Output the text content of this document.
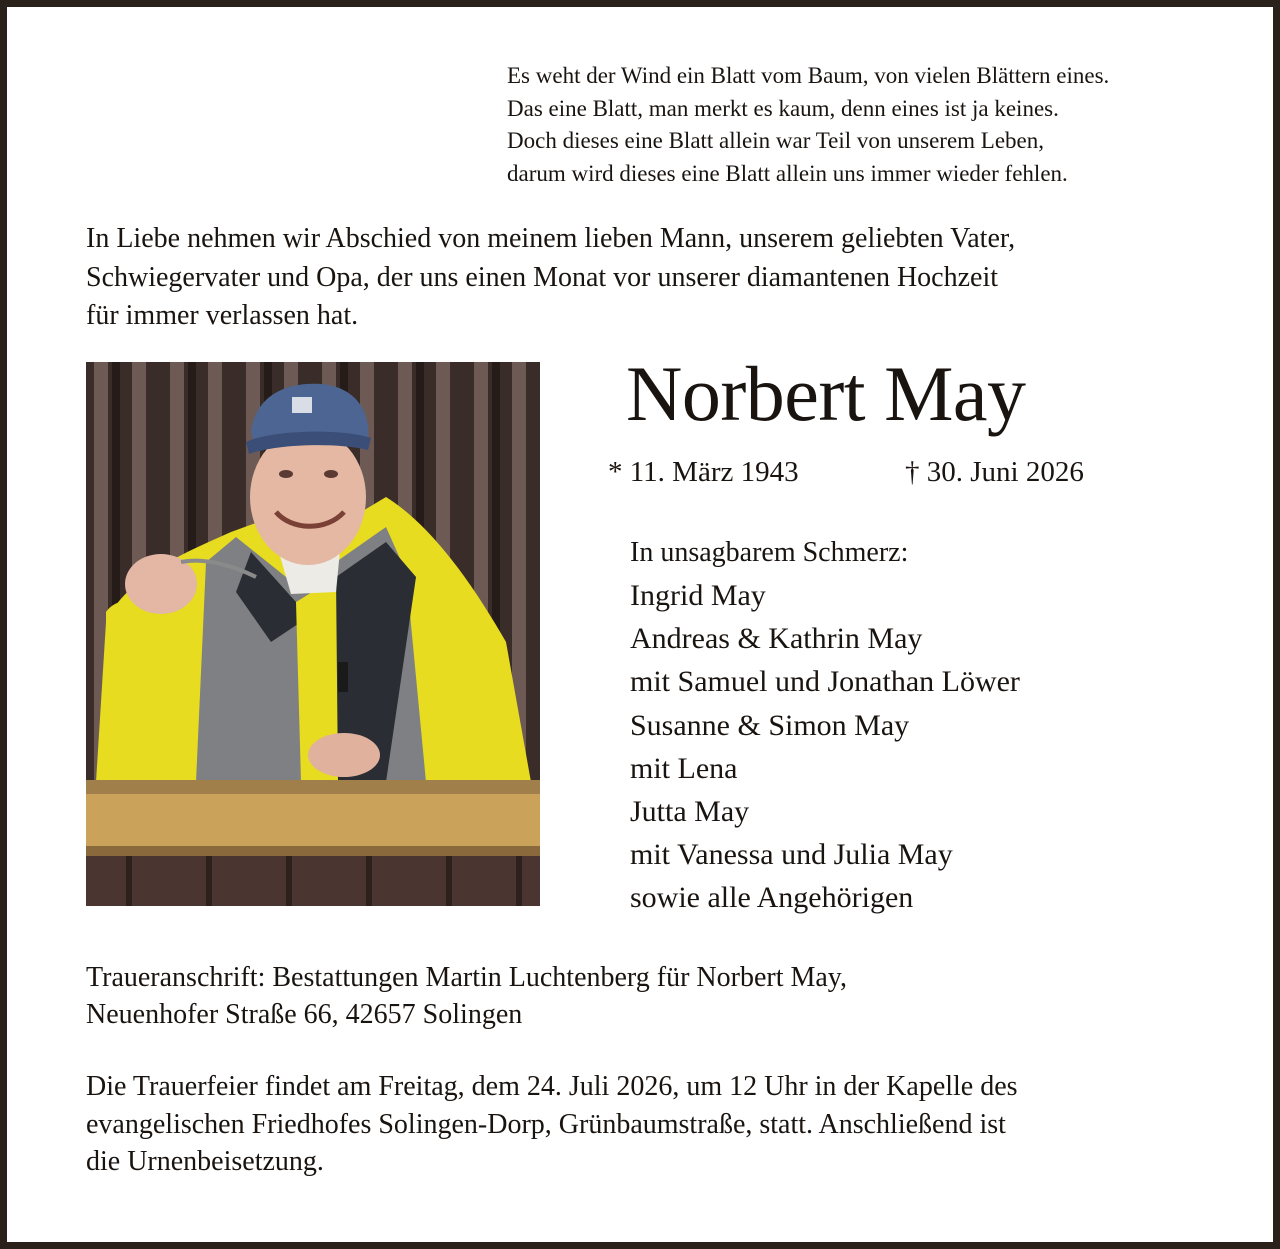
Es weht der Wind ein Blatt vom Baum, von vielen Blättern eines.
Das eine Blatt, man merkt es kaum, denn eines ist ja keines.
Doch dieses eine Blatt allein war Teil von unserem Leben,
darum wird dieses eine Blatt allein uns immer wieder fehlen.
In Liebe nehmen wir Abschied von meinem lieben Mann, unserem geliebten Vater,
Schwiegervater und Opa, der uns einen Monat vor unserer diamantenen Hochzeit
für immer verlassen hat.
Norbert May
* 11. März 1943	† 30. Juni 2026
In unsagbarem Schmerz:
Ingrid May
Andreas & Kathrin May
mit Samuel und Jonathan Löwer
Susanne & Simon May
mit Lena
Jutta May
mit Vanessa und Julia May
sowie alle Angehörigen
Traueranschrift: Bestattungen Martin Luchtenberg für Norbert May,
Neuenhofer Straße 66, 42657 Solingen
Die Trauerfeier findet am Freitag, dem 24. Juli 2026, um 12 Uhr in der Kapelle des
evangelischen Friedhofes Solingen-Dorp, Grünbaumstraße, statt. Anschließend ist
die Urnenbeisetzung.
